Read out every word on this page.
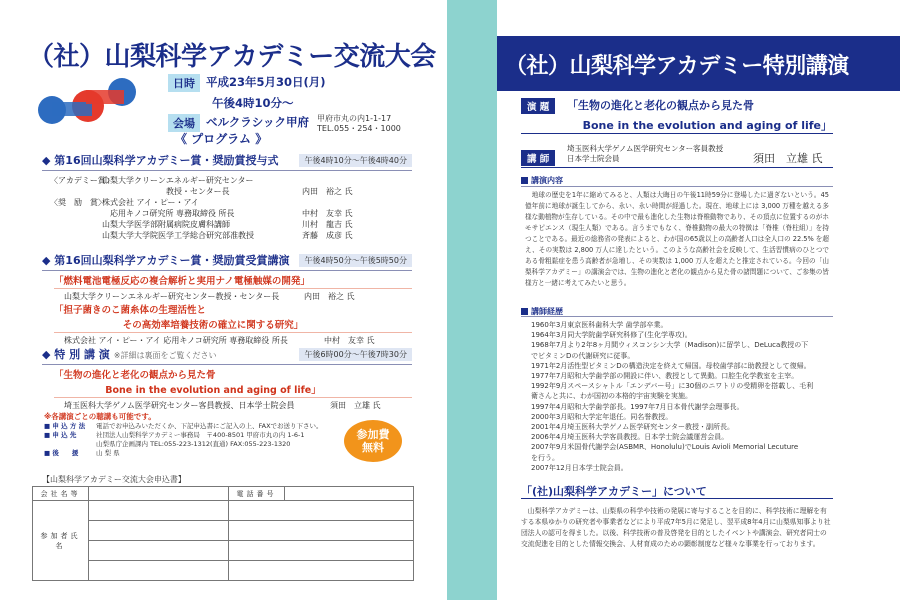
（社）山梨科学アカデミー交流大会
日時 平成23年5月30日(月)
午後4時10分～
会場 ベルクラシック甲府 甲府市丸の内1-1-17
TEL.055・254・1000
《 プログラム 》
◆ 第16回山梨科学アカデミー賞・奨励賞授与式	午後4時10分～午後4時40分
〈アカデミー賞〉
山梨大学クリーンエネルギー研究センター
　　　　　　　　教授・センター長	内田　裕之 氏
〈奨　励　賞〉
株式会社 アイ・ピー・アイ
　応用キノコ研究所 専務取締役 所長	中村　友幸 氏
山梨大学医学部附属病院皮膚科講師	川村　龍吉 氏
山梨大学大学院医学工学総合研究部准教授	斉藤　成彦 氏
◆ 第16回山梨科学アカデミー賞・奨励賞受賞講演	午後4時50分～午後5時50分
「燃料電池電極反応の複合解析と実用ナノ電極触媒の開発」
山梨大学クリーンエネルギー研究センター教授・センター長	内田　裕之 氏
「担子菌きのこ菌糸体の生理活性と
その高効率培養技術の確立に関する研究」
株式会社 アイ・ピー・アイ 応用キノコ研究所 専務取締役 所長	中村　友幸 氏
◆ 特 別 講 演 ※詳細は裏面をご覧ください	午後6時00分～午後7時30分
「生物の進化と老化の観点から見た骨
Bone in the evolution and aging of life」
埼玉医科大学ゲノム医学研究センター客員教授、日本学士院会員	須田　立雄 氏
※各講演ごとの聴講も可能です。
■ 申 込 方 法	電話でお申込みいただくか、下記申込書にご記入の上、FAXでお送り下さい。
■ 申 込 先	社団法人山梨科学アカデミー事務局　〒400-8501 甲府市丸の内 1-6-1
山梨県庁企画課内 TEL:055-223-1312(直通) FAX:055-223-1320
■ 後　　援	山 梨 県
参加費
無料
【山梨科学アカデミー交流大会申込書】
会社名等		電話番号	
参加者氏名			

（社）山梨科学アカデミー特別講演
演 題	「生物の進化と老化の観点から見た骨
Bone in the evolution and aging of life」
講 師
埼玉医科大学ゲノム医学研究センター客員教授
日本学士院会員	須田　立雄 氏
講演内容
　地球の歴史を1年に縮めてみると、人類は大晦日の午後11時59分に登場したに過ぎないという。45億年前に地球が誕生してから、永い、永い時間が経過した。現在、地球上には 3,000 万種を越える多様な動植物が生存している。その中で最も進化した生物は脊椎動物であり、その頂点に位置するのがホモサピエンス（現生人類）である。言うまでもなく、脊椎動物の最大の特徴は「脊椎（脊柱組）」を持つことである。最近の総務省の発表によると、わが国の65歳以上の高齢者人口は全人口の 22.5% を超え、その実数は 2,800 万人に達したという。このような高齢社会を反映して、生活習慣病のひとつである骨粗鬆症を患う高齢者が急増し、その実数は 1,000 万人を超えたと推定されている。今回の「山梨科学アカデミー」の講演会では、生物の進化と老化の観点から見た骨の諸問題について、ご参集の皆様方と一緒に考えてみたいと思う。
講師経歴
1960年3月東京医科歯科大学 歯学部卒業。
1964年3月同大学院歯学研究科修了(生化学専攻)。
1968年7月より2年8ヶ月間ウィスコンシン大学（Madison)に留学し、DeLuca教授の下
でビタミンDの代謝研究に従事。
1971年2月活性型ビタミンDの構造決定を終えて帰国。母校歯学部に助教授として復帰。
1977年7月昭和大学歯学部の開設に伴い、教授として異動。口腔生化学教室を主宰。
1992年9月スペースシャトル「エンデバー号」に30個のニワトリの受精卵を搭載し、毛利
衛さんと共に、わが国初の本格的宇宙実験を実施。
1997年4月昭和大学歯学部長。1997年7月日本骨代謝学会理事長。
2000年3月昭和大学定年退任。同名誉教授。
2001年4月埼玉医科大学ゲノム医学研究センター教授・副所長。
2006年4月埼玉医科大学客員教授。日本学士院会議運営会員。
2007年9月米国骨代謝学会(ASBMR、Honolulu)でLouis Avioli Memorial Lecuture
を行う。
2007年12月日本学士院会員。
「(社)山梨科学アカデミー」について
　山梨科学アカデミーは、山梨県の科学や技術の発展に寄与することを目的に、科学技術に理解を有する本県ゆかりの研究者や事業者などにより平成7年5月に発足し、翌平成8年4月に山梨県知事より社団法人の認可を得ました。以後、科学技術の普及啓発を目的としたイベントや講演会、研究者同士の交流促進を目的とした情報交換会、人材育成のための顕彰制度など様々な事業を行っております。
